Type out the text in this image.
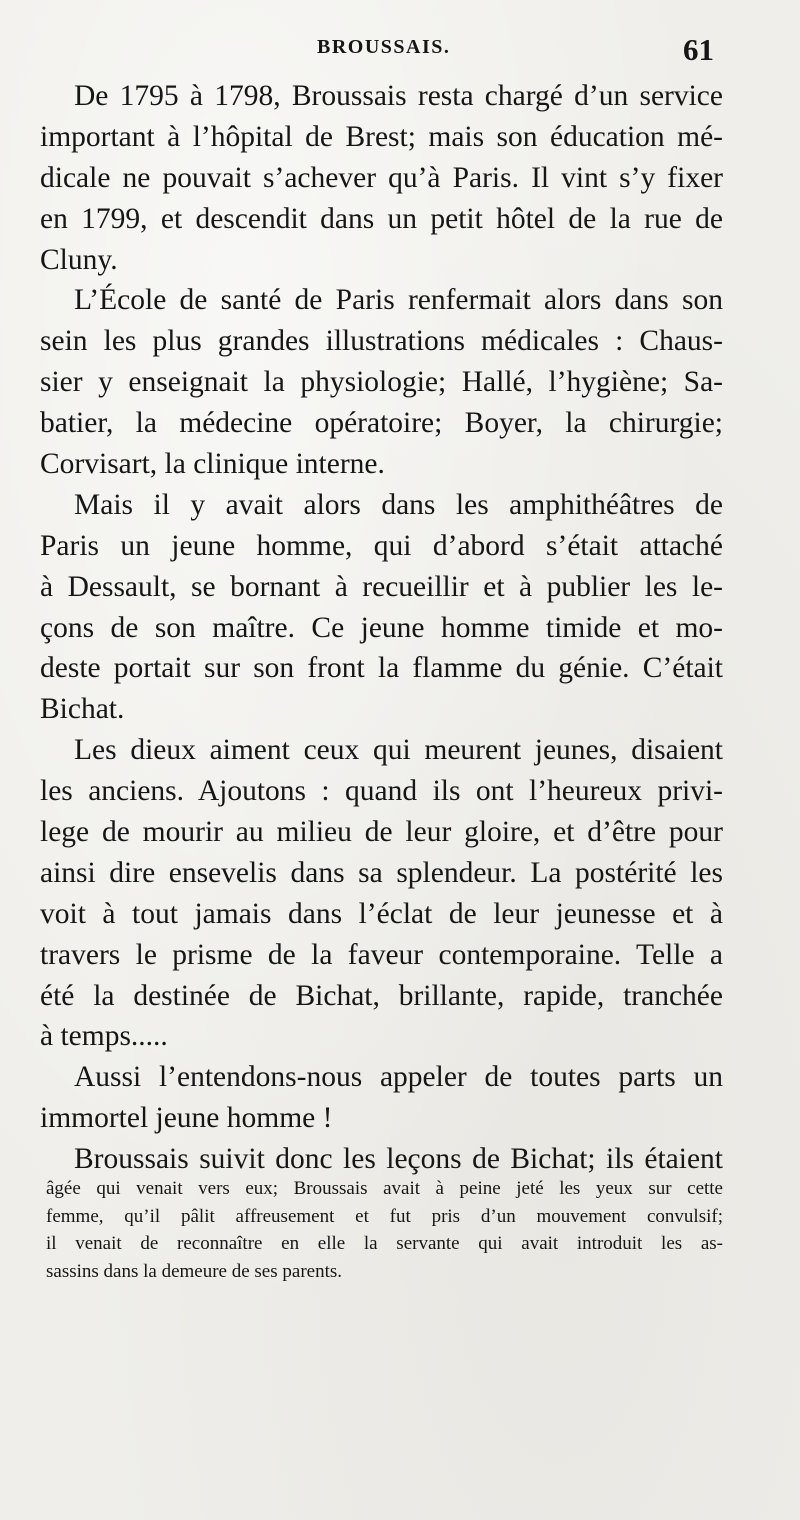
BROUSSAIS.	61
De 1795 à 1798, Broussais resta chargé d’un service
important à l’hôpital de Brest; mais son éducation mé-
dicale ne pouvait s’achever qu’à Paris. Il vint s’y fixer
en 1799, et descendit dans un petit hôtel de la rue de
Cluny.
L’École de santé de Paris renfermait alors dans son
sein les plus grandes illustrations médicales : Chaus-
sier y enseignait la physiologie; Hallé, l’hygiène; Sa-
batier, la médecine opératoire; Boyer, la chirurgie;
Corvisart, la clinique interne.
Mais il y avait alors dans les amphithéâtres de
Paris un jeune homme, qui d’abord s’était attaché
à Dessault, se bornant à recueillir et à publier les le-
çons de son maître. Ce jeune homme timide et mo-
deste portait sur son front la flamme du génie. C’était
Bichat.
Les dieux aiment ceux qui meurent jeunes, disaient
les anciens. Ajoutons : quand ils ont l’heureux privi-
lege de mourir au milieu de leur gloire, et d’être pour
ainsi dire ensevelis dans sa splendeur. La postérité les
voit à tout jamais dans l’éclat de leur jeunesse et à
travers le prisme de la faveur contemporaine. Telle a
été la destinée de Bichat, brillante, rapide, tranchée
à temps.....
Aussi l’entendons-nous appeler de toutes parts un
immortel jeune homme !
Broussais suivit donc les leçons de Bichat; ils étaient
âgée qui venait vers eux; Broussais avait à peine jeté les yeux sur cette
femme, qu’il pâlit affreusement et fut pris d’un mouvement convulsif;
il venait de reconnaître en elle la servante qui avait introduit les as-
sassins dans la demeure de ses parents.
